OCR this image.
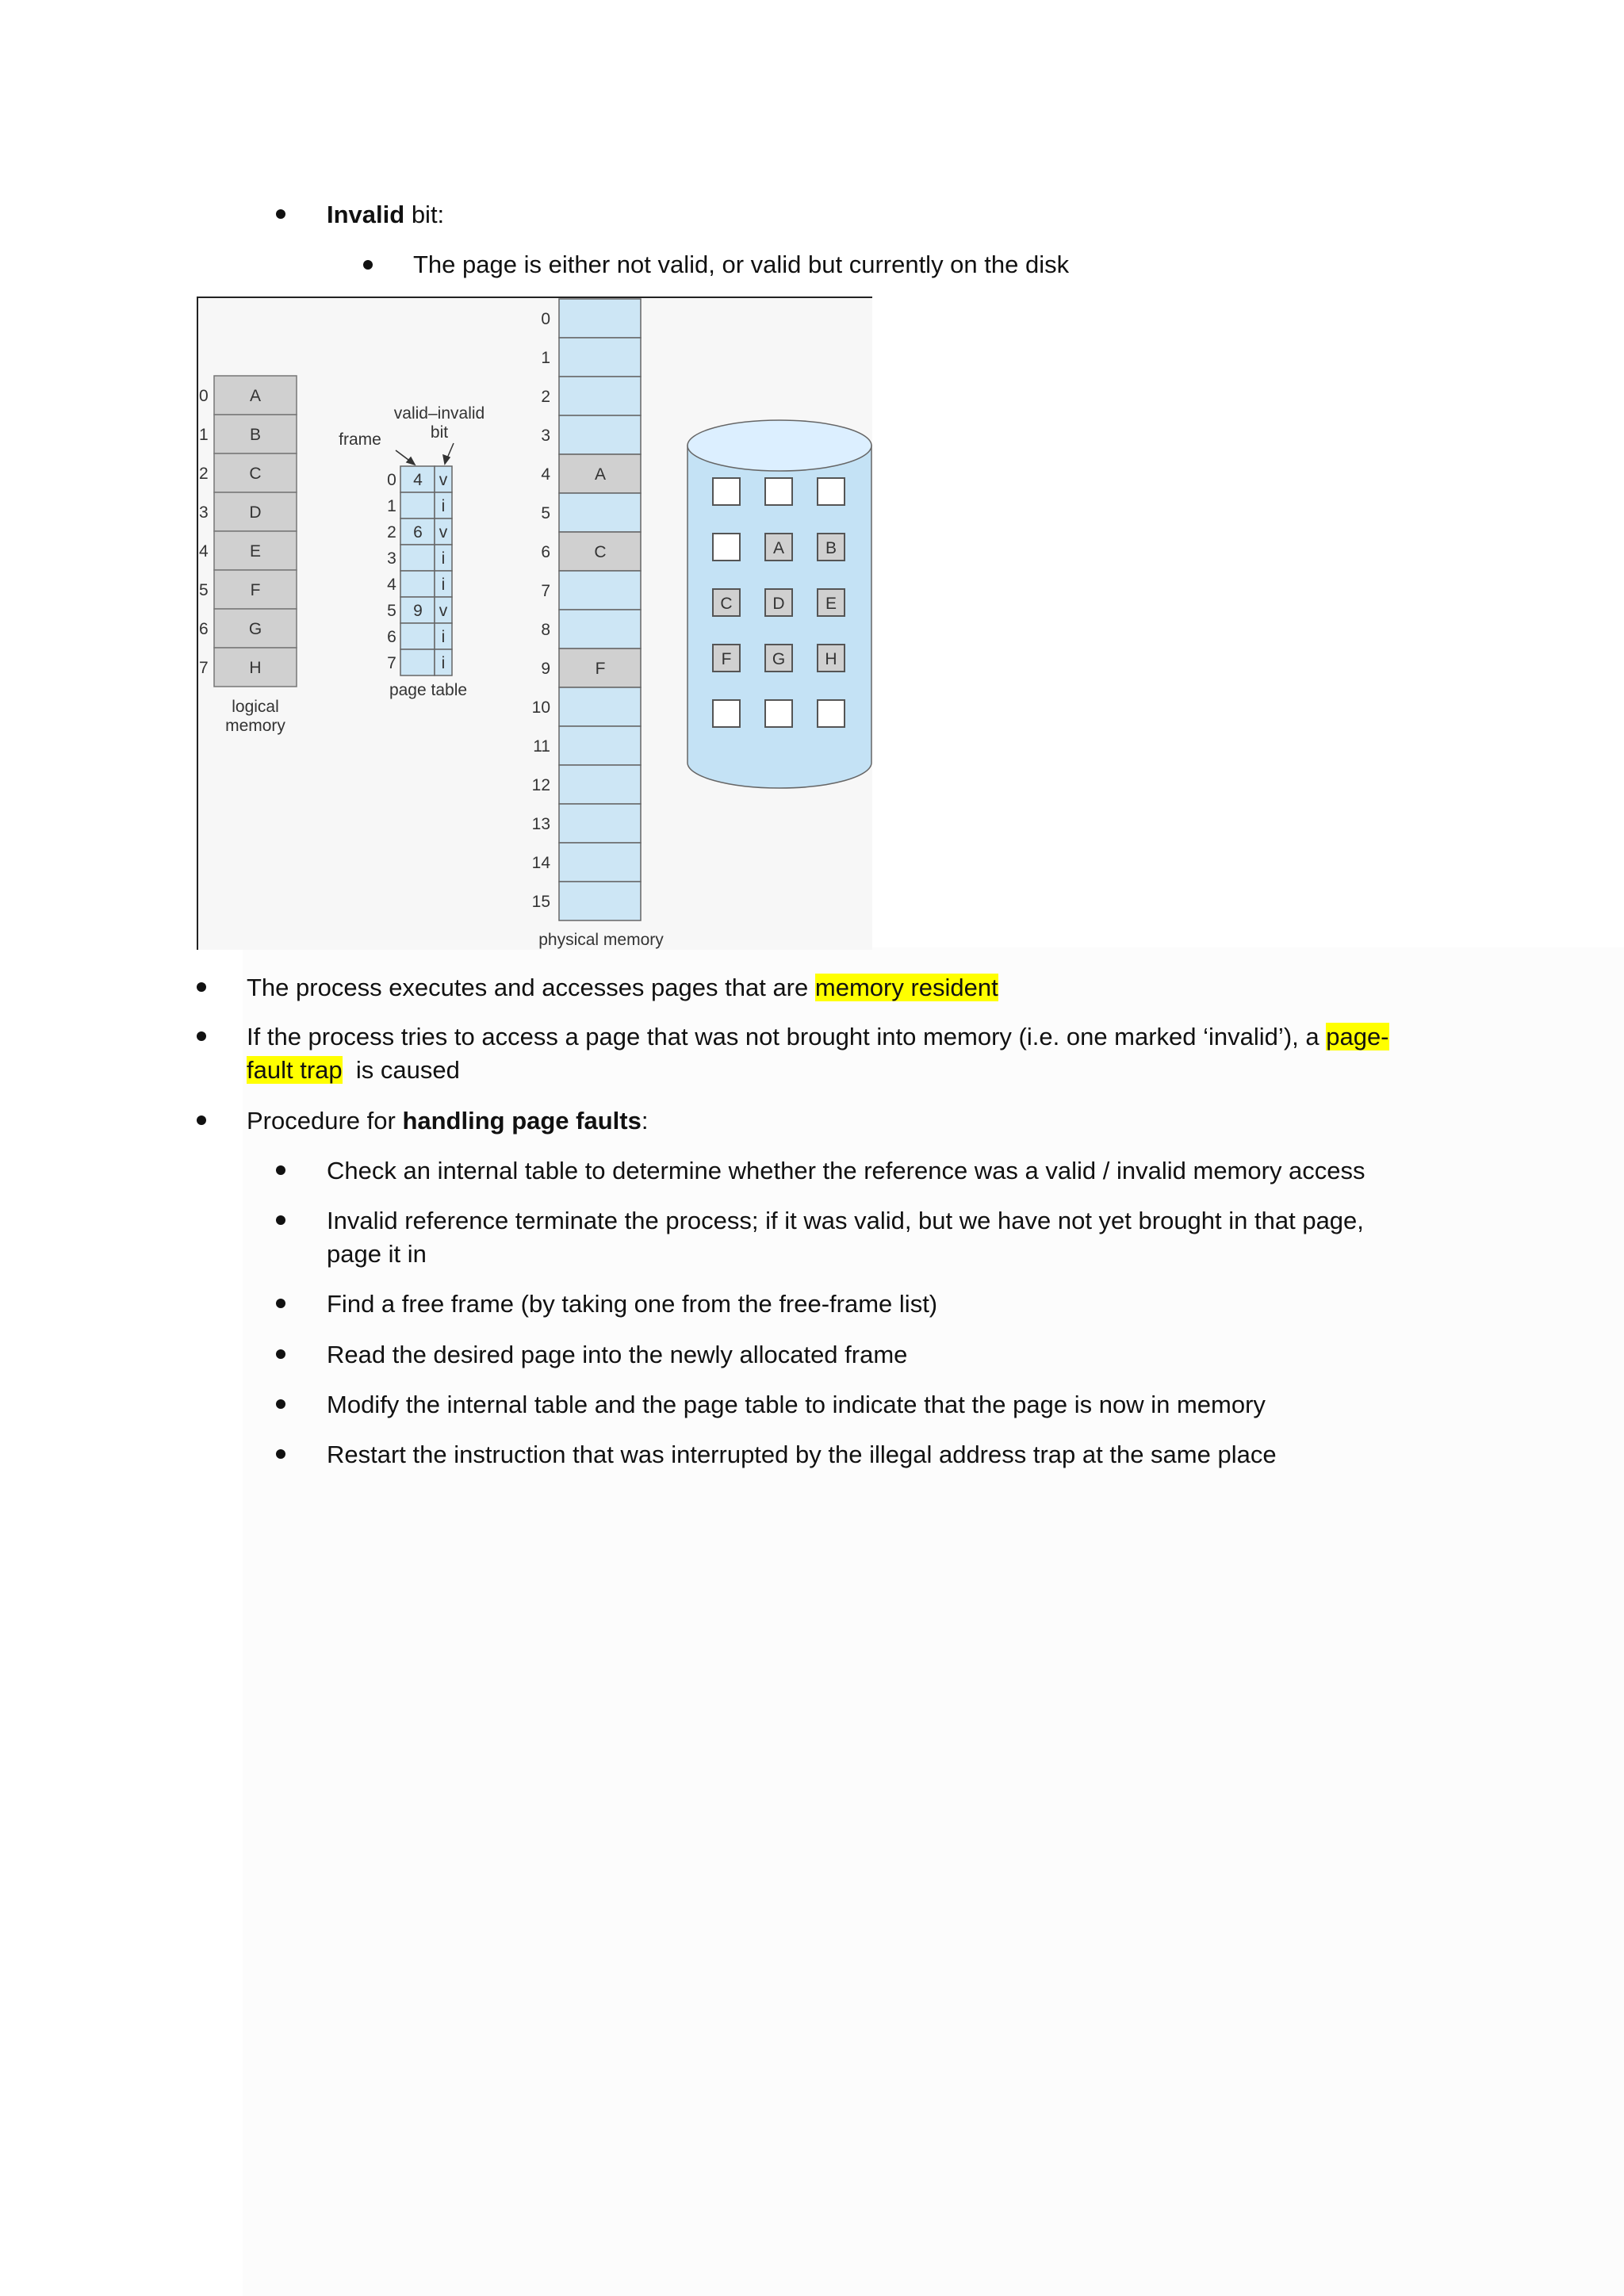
Invalid bit:
The page is either not valid, or valid but currently on the disk
A
0
B
1
C
2
D
3
E
4
F
5
G
6
H
7
0 4 v
1	i
2 6 v
3	i
4	i
5 9 v
6	i
7	i
0
1
2
3
A
4
5
C
6
7
8
F
9
10
11
12
13
14
15
A B
C D E
F G H
logical
memory
frame
valid–invalid
bit
page table
physical memory
The process executes and accesses pages that are memory resident
If the process tries to access a page that was not brought into memory (i.e. one marked ‘invalid’), a page-
fault trap  is caused
Procedure for handling page faults:
Check an internal table to determine whether the reference was a valid / invalid memory access
Invalid reference terminate the process; if it was valid, but we have not yet brought in that page,
page it in
Find a free frame (by taking one from the free-frame list)
Read the desired page into the newly allocated frame
Modify the internal table and the page table to indicate that the page is now in memory
Restart the instruction that was interrupted by the illegal address trap at the same place
